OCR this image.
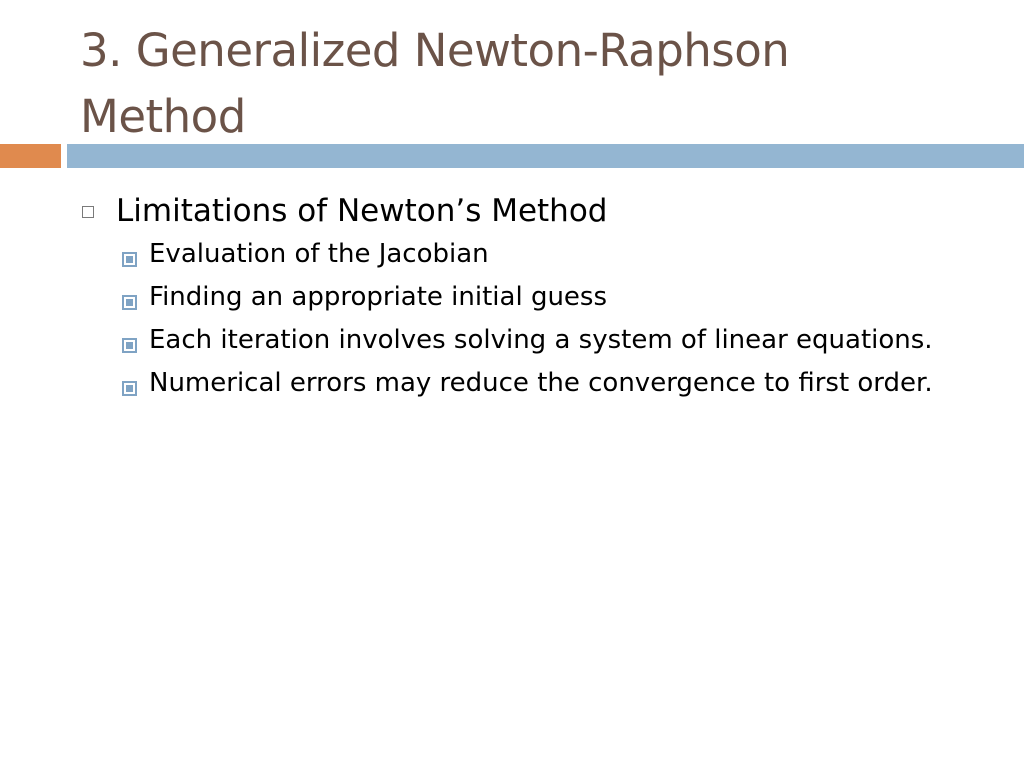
3. Generalized Newton-Raphson
Method
Limitations of Newton’s Method
Evaluation of the Jacobian
Finding an appropriate initial guess
Each iteration involves solving a system of linear equations.
Numerical errors may reduce the convergence to first order.
